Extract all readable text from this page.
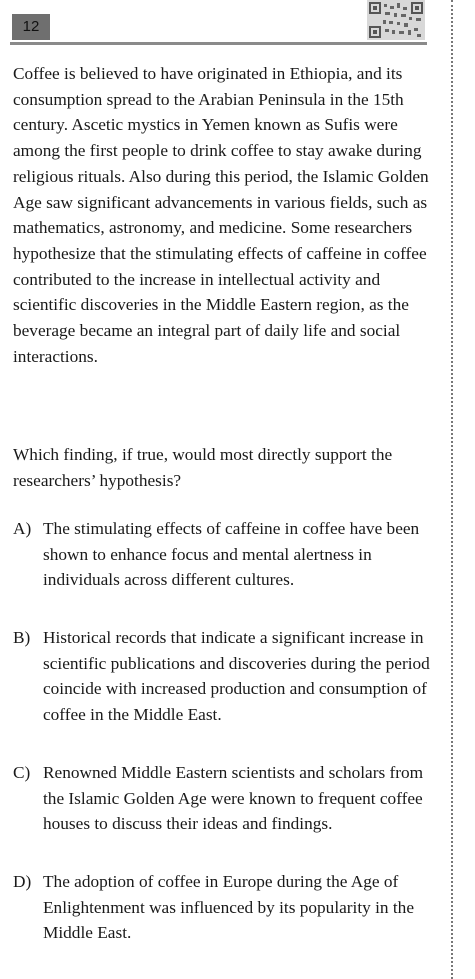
12

Coffee is believed to have originated in Ethiopia, and its consumption spread to the Arabian Peninsula in the 15th century. Ascetic mystics in Yemen known as Sufis were among the first people to drink coffee to stay awake during religious rituals. Also during this period, the Islamic Golden Age saw significant advancements in various fields, such as mathematics, astronomy, and medicine. Some researchers hypothesize that the stimulating effects of caffeine in coffee contributed to the increase in intellectual activity and scientific discoveries in the Middle Eastern region, as the beverage became an integral part of daily life and social interactions.

Which finding, if true, would most directly support the researchers’ hypothesis?

A) The stimulating effects of caffeine in coffee have been shown to enhance focus and mental alertness in individuals across different cultures.
B) Historical records that indicate a significant increase in scientific publications and discoveries during the period coincide with increased production and consumption of coffee in the Middle East.
C) Renowned Middle Eastern scientists and scholars from the Islamic Golden Age were known to frequent coffee houses to discuss their ideas and findings.
D) The adoption of coffee in Europe during the Age of Enlightenment was influenced by its popularity in the Middle East.
